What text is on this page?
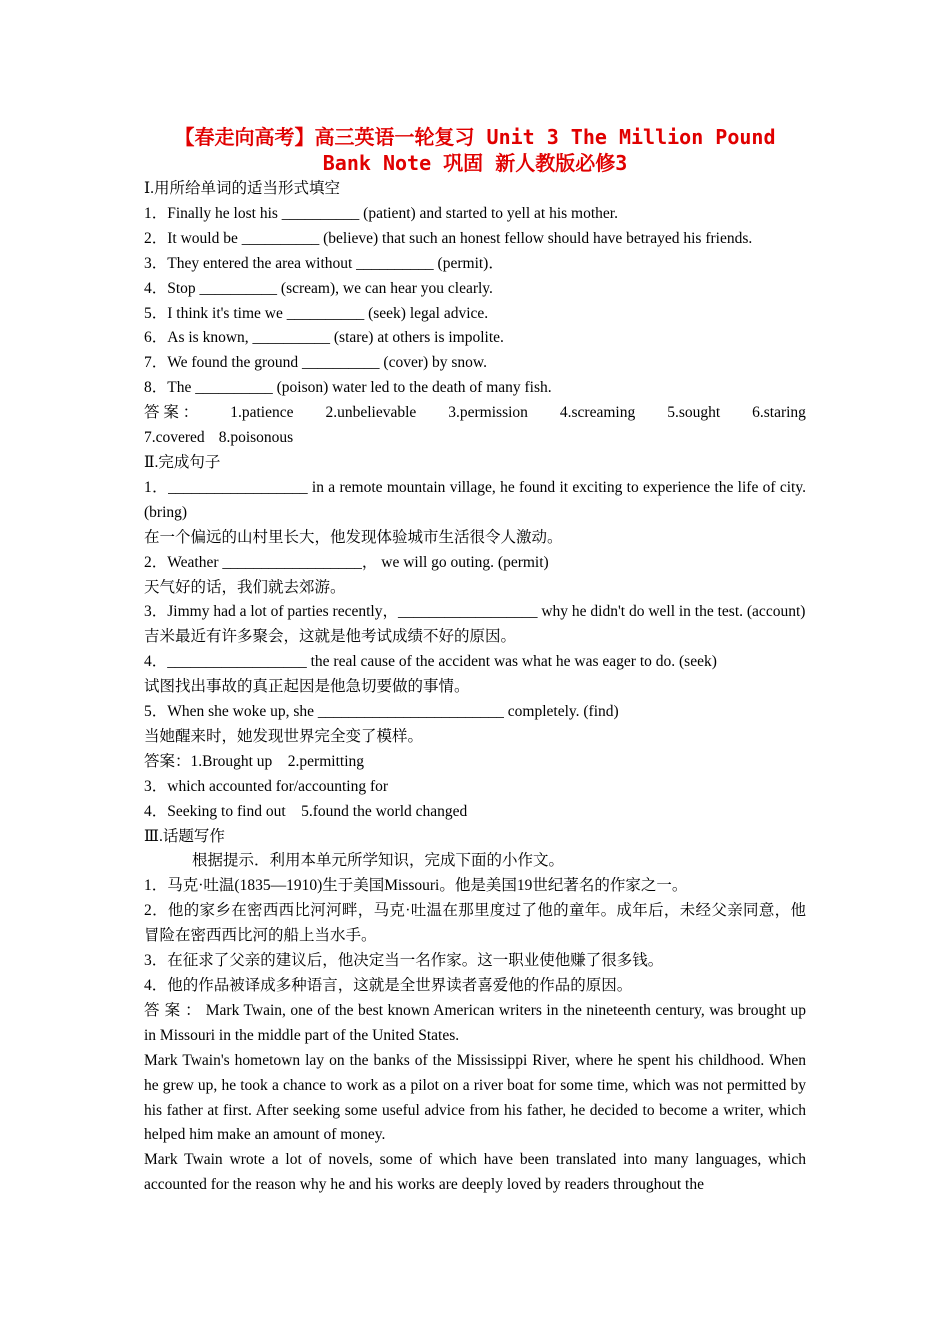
【春走向高考】高三英语一轮复习 Unit 3 The Million Pound
Bank Note 巩固 新人教版必修3
Ⅰ.用所给单词的适当形式填空
1．Finally he lost his __________ (patient) and started to yell at his mother.
2．It would be __________ (believe) that such an honest fellow should have betrayed his friends.
3．They entered the area without __________ (permit)．
4．Stop __________ (scream), we can hear you clearly.
5．I think it's time we __________ (seek) legal advice.
6．As is known, __________ (stare) at others is impolite.
7．We found the ground __________ (cover) by snow.
8．The __________ (poison) water led to the death of many fish.
答 案 ： 1.patience 2.unbelievable 3.permission 4.screaming 5.sought 6.staring
7.covered 8.poisonous
Ⅱ.完成句子
1．__________________ in a remote mountain village, he found it exciting to experience the life of city. (bring)
在一个偏远的山村里长大，他发现体验城市生活很令人激动。
2．Weather __________________， we will go outing. (permit)
天气好的话，我们就去郊游。
3．Jimmy had a lot of parties recently，__________________ why he didn't do well in the test. (account)
吉米最近有许多聚会，这就是他考试成绩不好的原因。
4．__________________ the real cause of the accident was what he was eager to do. (seek)
试图找出事故的真正起因是他急切要做的事情。
5．When she woke up, she ________________________ completely. (find)
当她醒来时，她发现世界完全变了模样。
答案：1.Brought up　2.permitting
3．which accounted for/accounting for
4．Seeking to find out　5.found the world changed
Ⅲ.话题写作
根据提示．利用本单元所学知识，完成下面的小作文。
1．马克·吐温(1835—1910)生于美国Missouri。他是美国19世纪著名的作家之一。
2．他的家乡在密西西比河河畔，马克·吐温在那里度过了他的童年。成年后，未经父亲同意，他冒险在密西西比河的船上当水手。
3．在征求了父亲的建议后，他决定当一名作家。这一职业使他赚了很多钱。
4．他的作品被译成多种语言，这就是全世界读者喜爱他的作品的原因。
答 案 ： Mark Twain, one of the best known American writers in the nineteenth century, was brought up in Missouri in the middle part of the United States.
Mark Twain's hometown lay on the banks of the Mississippi River, where he spent his childhood. When he grew up, he took a chance to work as a pilot on a river boat for some time, which was not permitted by his father at first. After seeking some useful advice from his father, he decided to become a writer, which helped him make an amount of money.
Mark Twain wrote a lot of novels, some of which have been translated into many languages, which accounted for the reason why he and his works are deeply loved by readers throughout the
